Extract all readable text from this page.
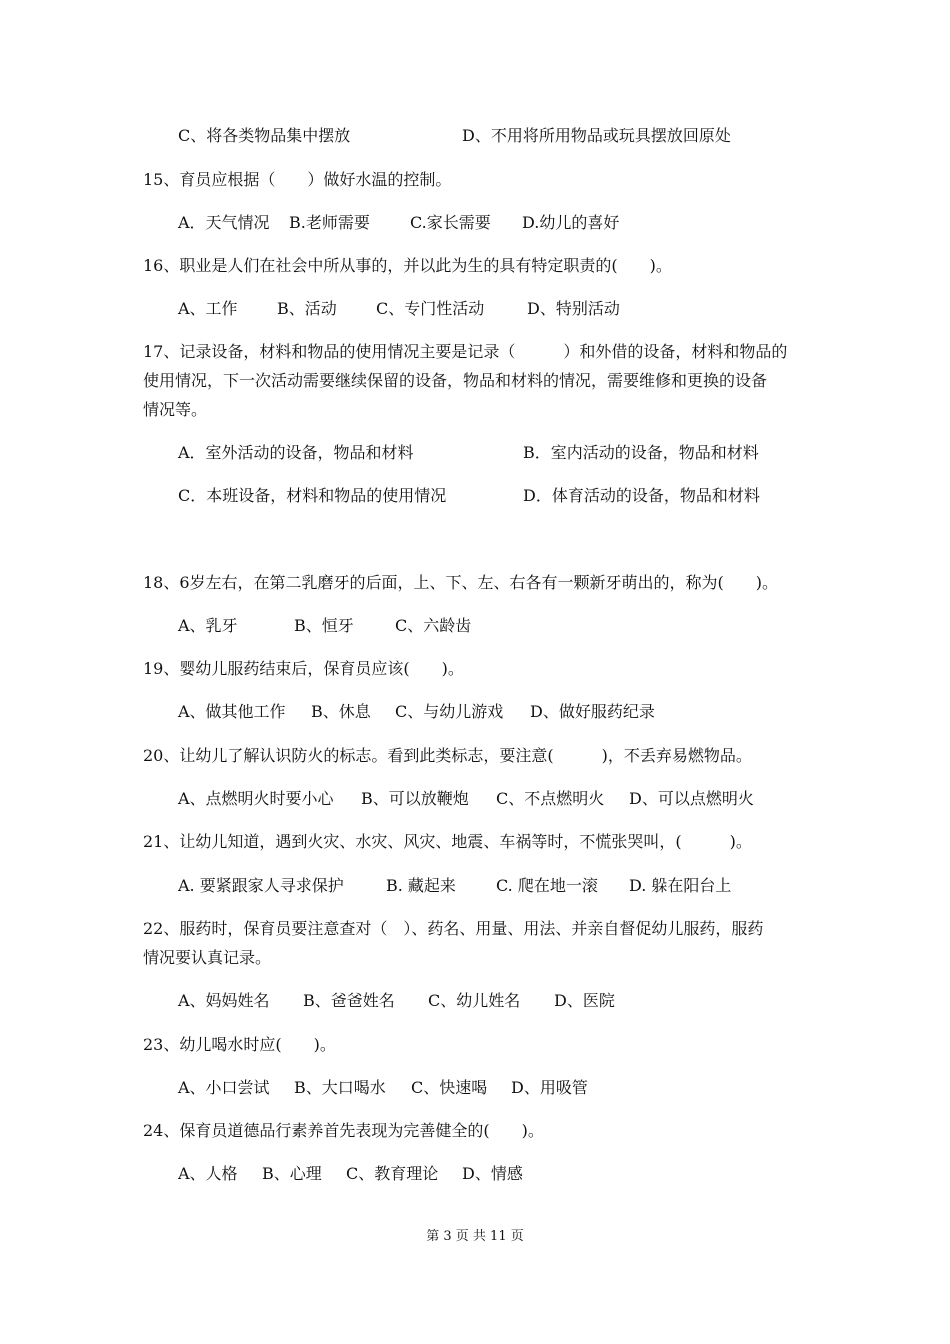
C、将各类物品集中摆放	D、不用将所用物品或玩具摆放回原处

15、育员应根据（　　）做好水温的控制。

A．天气情况 B.老师需要	C.家长需要 D.幼儿的喜好

16、职业是人们在社会中所从事的，并以此为生的具有特定职责的(　　)。

A、工作 B、活动 C、专门性活动	D、特别活动

17、记录设备，材料和物品的使用情况主要是记录（　　　）和外借的设备，材料和物品的

使用情况，下一次活动需要继续保留的设备，物品和材料的情况，需要维修和更换的设备

情况等。

A．室外活动的设备，物品和材料	B．室内活动的设备，物品和材料

C．本班设备，材料和物品的使用情况	D．体育活动的设备，物品和材料

18、6岁左右，在第二乳磨牙的后面，上、下、左、右各有一颗新牙萌出的，称为(　　)。

A、乳牙	B、恒牙	C、六龄齿

19、婴幼儿服药结束后，保育员应该(　　)。

A、做其他工作 B、休息 C、与幼儿游戏 D、做好服药纪录

20、让幼儿了解认识防火的标志。看到此类标志，要注意(　　　)，不丢弃易燃物品。

A、点燃明火时要小心 B、可以放鞭炮 C、不点燃明火 D、可以点燃明火

21、让幼儿知道，遇到火灾、水灾、风灾、地震、车祸等时，不慌张哭叫，(　　　)。

A. 要紧跟家人寻求保护	B. 藏起来	C. 爬在地一滚 D. 躲在阳台上

22、服药时，保育员要注意查对（　）、药名、用量、用法、并亲自督促幼儿服药，服药

情况要认真记录。

A、妈妈姓名 B、爸爸姓名 C、幼儿姓名 D、医院

23、幼儿喝水时应(　　)。

A、小口尝试 B、大口喝水 C、快速喝 D、用吸管

24、保育员道德品行素养首先表现为完善健全的(　　)。

A、人格 B、心理 C、教育理论 D、情感

第 3 页 共 11 页
